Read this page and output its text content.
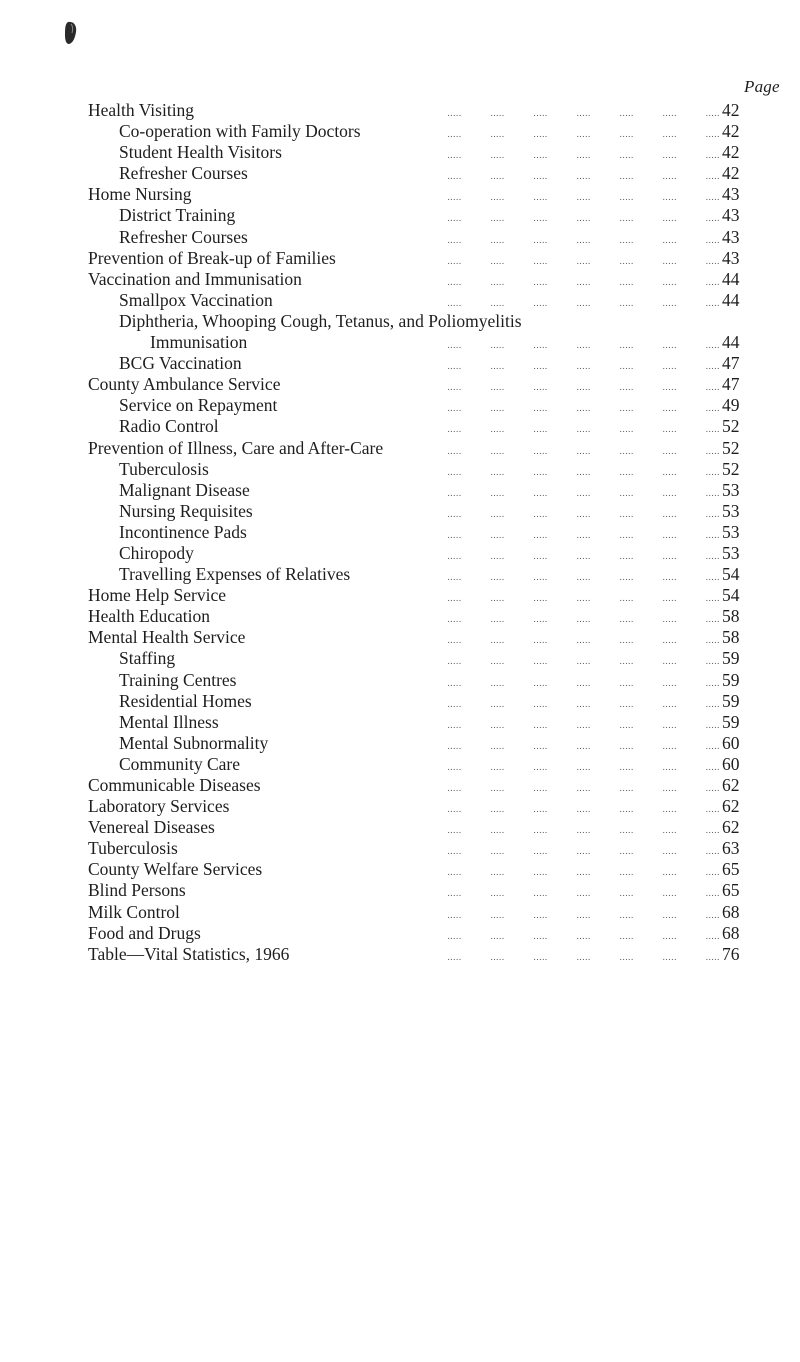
Page
Health Visiting	.....   .....   .....   .....   .....   .....   ..... 42
Co-operation with Family Doctors	.....   .....   .....   .....   .....   .....   ..... 42
Student Health Visitors	.....   .....   .....   .....   .....   .....   ..... 42
Refresher Courses	.....   .....   .....   .....   .....   .....   ..... 42
Home Nursing	.....   .....   .....   .....   .....   .....   ..... 43
District Training	.....   .....   .....   .....   .....   .....   ..... 43
Refresher Courses	.....   .....   .....   .....   .....   .....   ..... 43
Prevention of Break-up of Families	.....   .....   .....   .....   .....   .....   ..... 43
Vaccination and Immunisation	.....   .....   .....   .....   .....   .....   ..... 44
Smallpox Vaccination	.....   .....   .....   .....   .....   .....   ..... 44
Diphtheria, Whooping Cough, Tetanus, and Poliomyelitis
Immunisation	.....   .....   .....   .....   .....   .....   ..... 44
BCG Vaccination	.....   .....   .....   .....   .....   .....   ..... 47
County Ambulance Service	.....   .....   .....   .....   .....   .....   ..... 47
Service on Repayment	.....   .....   .....   .....   .....   .....   ..... 49
Radio Control	.....   .....   .....   .....   .....   .....   ..... 52
Prevention of Illness, Care and After-Care	.....   .....   .....   .....   .....   .....   ..... 52
Tuberculosis	.....   .....   .....   .....   .....   .....   ..... 52
Malignant Disease	.....   .....   .....   .....   .....   .....   ..... 53
Nursing Requisites	.....   .....   .....   .....   .....   .....   ..... 53
Incontinence Pads	.....   .....   .....   .....   .....   .....   ..... 53
Chiropody	.....   .....   .....   .....   .....   .....   ..... 53
Travelling Expenses of Relatives	.....   .....   .....   .....   .....   .....   ..... 54
Home Help Service	.....   .....   .....   .....   .....   .....   ..... 54
Health Education	.....   .....   .....   .....   .....   .....   ..... 58
Mental Health Service	.....   .....   .....   .....   .....   .....   ..... 58
Staffing	.....   .....   .....   .....   .....   .....   ..... 59
Training Centres	.....   .....   .....   .....   .....   .....   ..... 59
Residential Homes	.....   .....   .....   .....   .....   .....   ..... 59
Mental Illness	.....   .....   .....   .....   .....   .....   ..... 59
Mental Subnormality	.....   .....   .....   .....   .....   .....   ..... 60
Community Care	.....   .....   .....   .....   .....   .....   ..... 60
Communicable Diseases	.....   .....   .....   .....   .....   .....   ..... 62
Laboratory Services	.....   .....   .....   .....   .....   .....   ..... 62
Venereal Diseases	.....   .....   .....   .....   .....   .....   ..... 62
Tuberculosis	.....   .....   .....   .....   .....   .....   ..... 63
County Welfare Services	.....   .....   .....   .....   .....   .....   ..... 65
Blind Persons	.....   .....   .....   .....   .....   .....   ..... 65
Milk Control	.....   .....   .....   .....   .....   .....   ..... 68
Food and Drugs	.....   .....   .....   .....   .....   .....   ..... 68
Table—Vital Statistics, 1966	.....   .....   .....   .....   .....   .....   ..... 76
